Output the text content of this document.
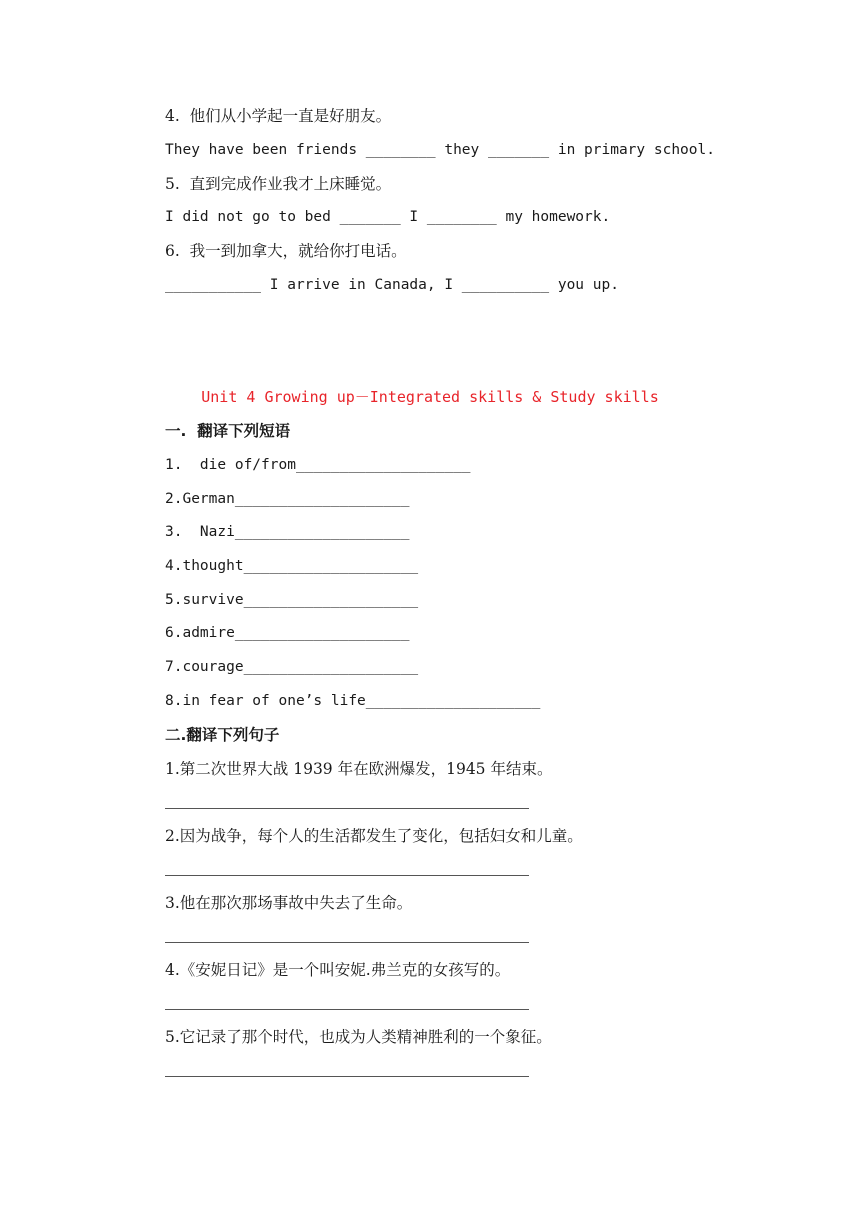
4.  他们从小学起一直是好朋友。
They have been friends ________ they _______ in primary school.
5.  直到完成作业我才上床睡觉。
I did not go to bed _______ I ________ my homework.
6.  我一到加拿大，就给你打电话。
___________ I arrive in Canada, I __________ you up.
Unit 4 Growing up－Integrated skills & Study skills
一.  翻译下列短语
1.  die of/from____________________
2.German____________________
3.  Nazi____________________
4.thought____________________
5.survive____________________
6.admire____________________
7.courage____________________
8.in fear of one’s life____________________
二.翻译下列句子
1.第二次世界大战 1939 年在欧洲爆发，1945 年结束。
2.因为战争，每个人的生活都发生了变化，包括妇女和儿童。
3.他在那次那场事故中失去了生命。
4.《安妮日记》是一个叫安妮.弗兰克的女孩写的。
5.它记录了那个时代，也成为人类精神胜利的一个象征。
